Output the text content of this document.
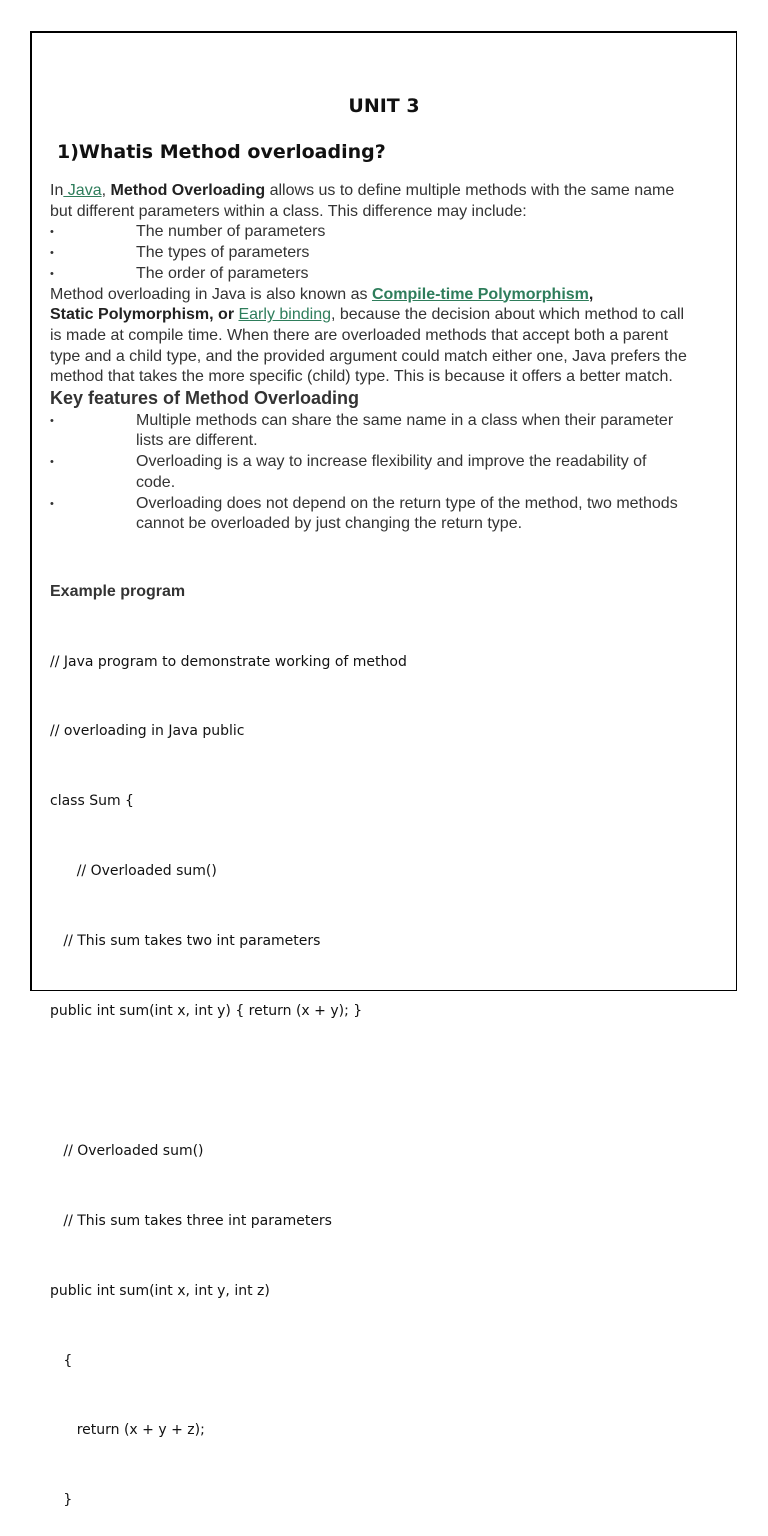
UNIT 3
1)Whatis Method overloading?

In Java, Method Overloading allows us to define multiple methods with the same name but different parameters within a class. This difference may include:

• The number of parameters
• The types of parameters
• The order of parameters

Method overloading in Java is also known as Compile-time Polymorphism,
Static Polymorphism, or Early binding, because the decision about which method to call is made at compile time. When there are overloaded methods that accept both a parent type and a child type, and the provided argument could match either one, Java prefers the method that takes the more specific (child) type. This is because it offers a better match. Key features of Method Overloading

• Multiple methods can share the same name in a class when their parameter lists are different.
• Overloading is a way to increase flexibility and improve the readability of code.
• Overloading does not depend on the return type of the method, two methods cannot be overloaded by just changing the return type.
Example program

// Java program to demonstrate working of method

// overloading in Java public

class Sum {

// Overloaded sum()

// This sum takes two int parameters

public int sum(int x, int y) { return (x + y); }

// Overloaded sum()

// This sum takes three int parameters

public int sum(int x, int y, int z)

{

return (x + y + z);

}
